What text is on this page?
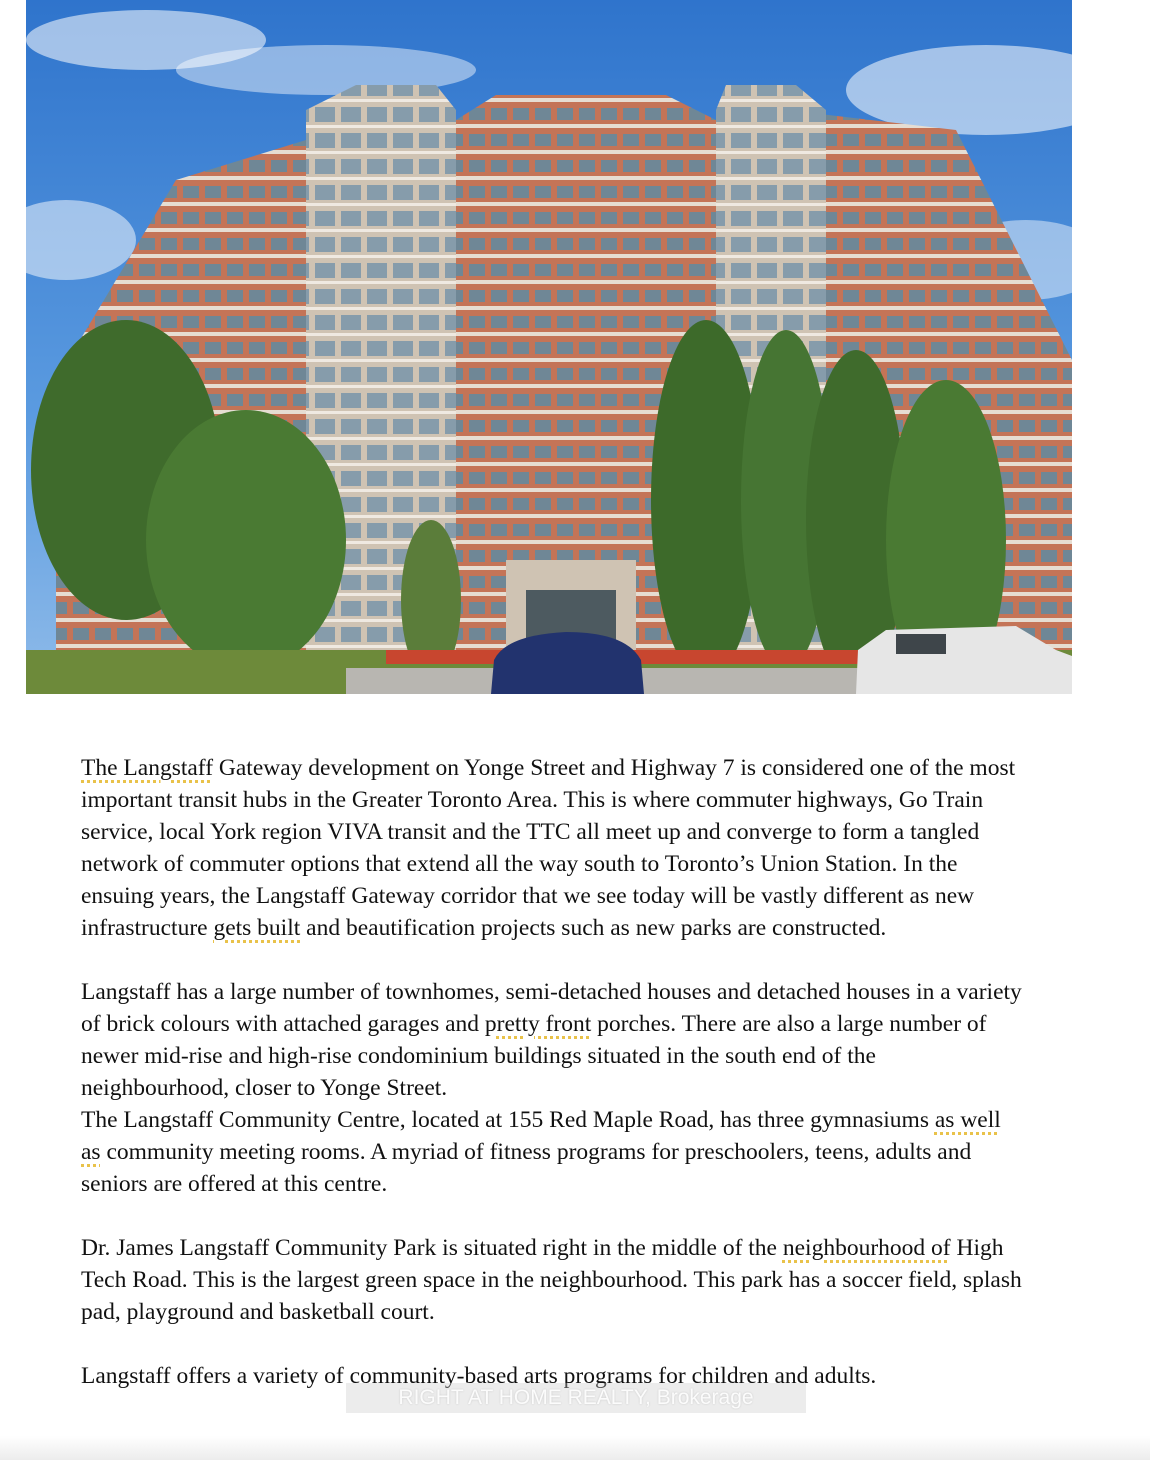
The Langstaff Gateway development on Yonge Street and Highway 7 is considered one of the most important transit hubs in the Greater Toronto Area. This is where commuter highways, Go Train service, local York region VIVA transit and the TTC all meet up and converge to form a tangled network of commuter options that extend all the way south to Toronto’s Union Station. In the ensuing years, the Langstaff Gateway corridor that we see today will be vastly different as new infrastructure gets built and beautification projects such as new parks are constructed.

Langstaff has a large number of townhomes, semi-detached houses and detached houses in a variety of brick colours with attached garages and pretty front porches. There are also a large number of newer mid-rise and high-rise condominium buildings situated in the south end of the neighbourhood, closer to Yonge Street.

The Langstaff Community Centre, located at 155 Red Maple Road, has three gymnasiums as well as community meeting rooms. A myriad of fitness programs for preschoolers, teens, adults and seniors are offered at this centre.

Dr. James Langstaff Community Park is situated right in the middle of the neighbourhood of High Tech Road. This is the largest green space in the neighbourhood. This park has a soccer field, splash pad, playground and basketball court.

Langstaff offers a variety of community-based arts programs for children and adults.

RIGHT AT HOME REALTY, Brokerage
